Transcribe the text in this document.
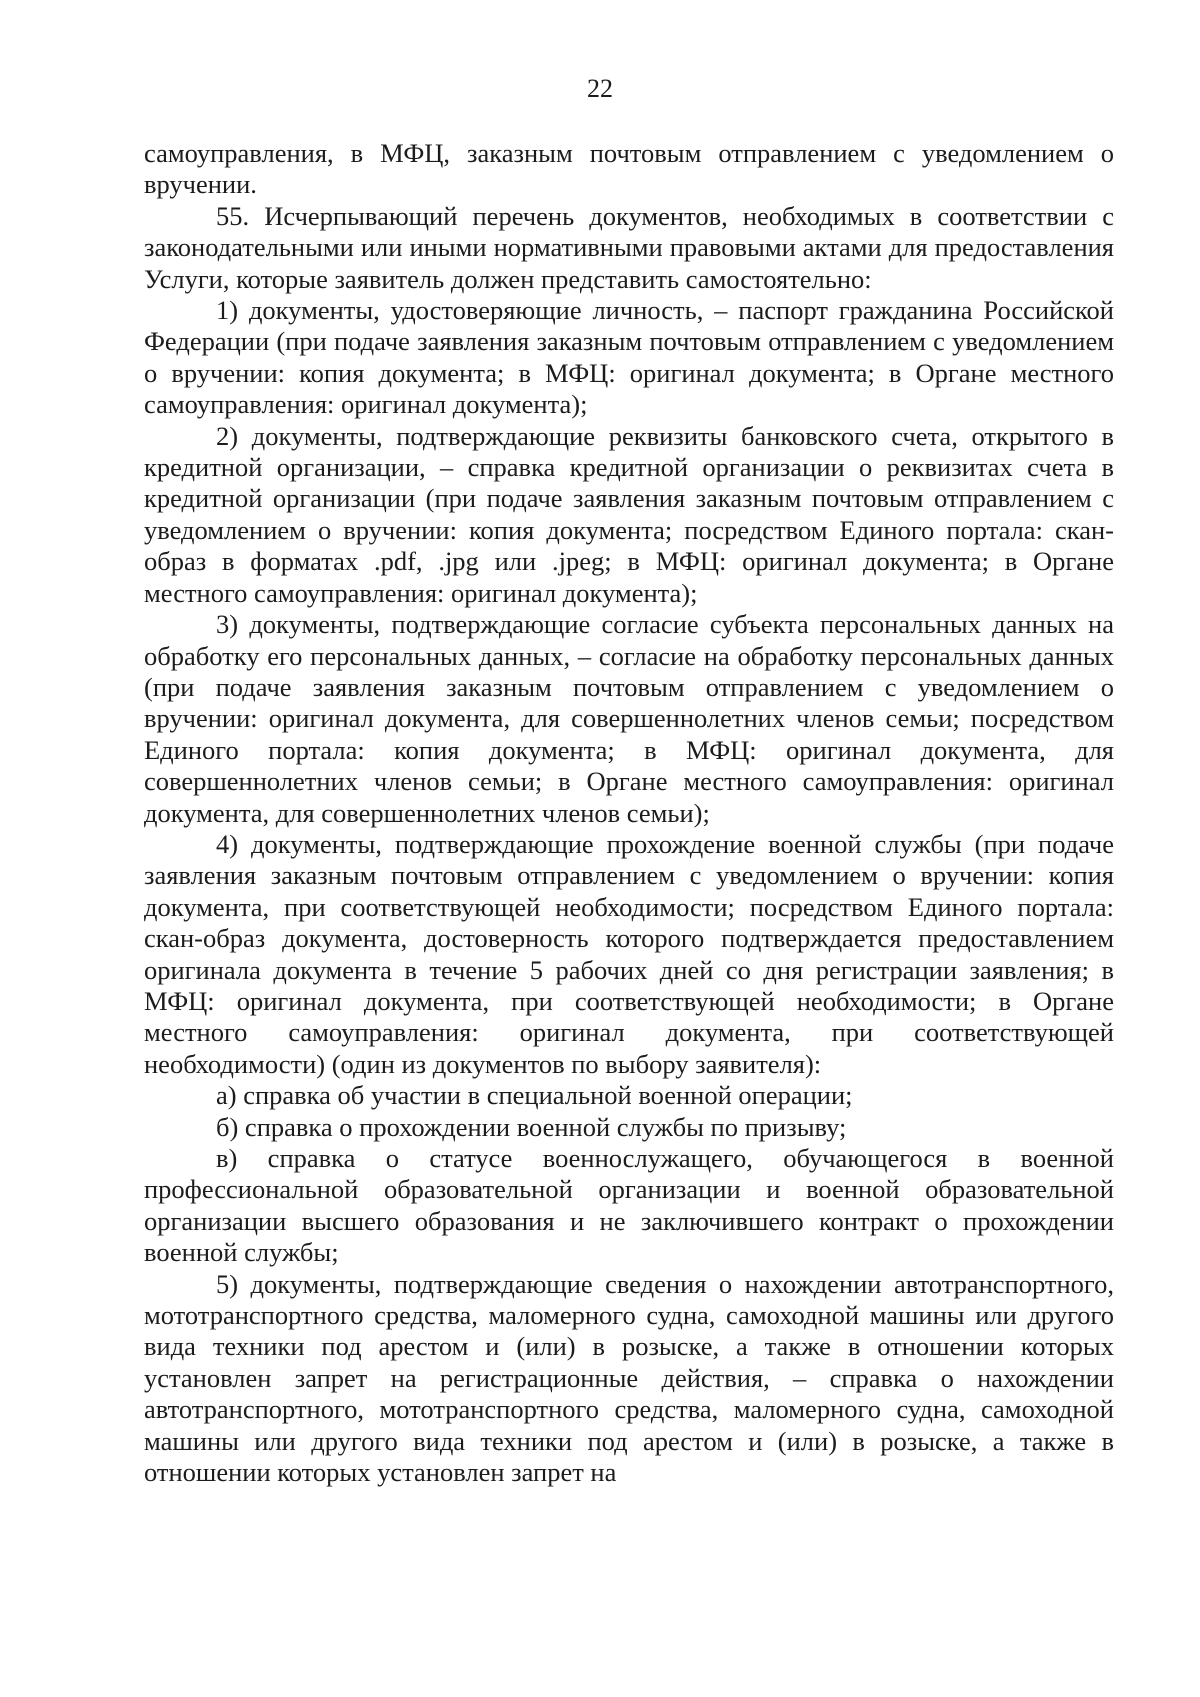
22

самоуправления, в МФЦ, заказным почтовым отправлением с уведомлением о вручении.

55. Исчерпывающий перечень документов, необходимых в соответствии с законодательными или иными нормативными правовыми актами для предоставления Услуги, которые заявитель должен представить самостоятельно:

1) документы, удостоверяющие личность, – паспорт гражданина Российской Федерации (при подаче заявления заказным почтовым отправлением с уведомлением о вручении: копия документа; в МФЦ: оригинал документа; в Органе местного самоуправления: оригинал документа);

2) документы, подтверждающие реквизиты банковского счета, открытого в кредитной организации, – справка кредитной организации о реквизитах счета в кредитной организации (при подаче заявления заказным почтовым отправлением с уведомлением о вручении: копия документа; посредством Единого портала: скан-образ в форматах .pdf, .jpg или .jpeg; в МФЦ: оригинал документа; в Органе местного самоуправления: оригинал документа);

3) документы, подтверждающие согласие субъекта персональных данных на обработку его персональных данных, – согласие на обработку персональных данных (при подаче заявления заказным почтовым отправлением с уведомлением о вручении: оригинал документа, для совершеннолетних членов семьи; посредством Единого портала: копия документа; в МФЦ: оригинал документа, для совершеннолетних членов семьи; в Органе местного самоуправления: оригинал документа, для совершеннолетних членов семьи);

4) документы, подтверждающие прохождение военной службы (при подаче заявления заказным почтовым отправлением с уведомлением о вручении: копия документа, при соответствующей необходимости; посредством Единого портала: скан-образ документа, достоверность которого подтверждается предоставлением оригинала документа в течение 5 рабочих дней со дня регистрации заявления; в МФЦ: оригинал документа, при соответствующей необходимости; в Органе местного самоуправления: оригинал документа, при соответствующей необходимости) (один из документов по выбору заявителя):

а) справка об участии в специальной военной операции;

б) справка о прохождении военной службы по призыву;

в) справка о статусе военнослужащего, обучающегося в военной профессиональной образовательной организации и военной образовательной организации высшего образования и не заключившего контракт о прохождении военной службы;

5) документы, подтверждающие сведения о нахождении автотранспортного, мототранспортного средства, маломерного судна, самоходной машины или другого вида техники под арестом и (или) в розыске, а также в отношении которых установлен запрет на регистрационные действия, – справка о нахождении автотранспортного, мототранспортного средства, маломерного судна, самоходной машины или другого вида техники под арестом и (или) в розыске, а также в отношении которых установлен запрет на
